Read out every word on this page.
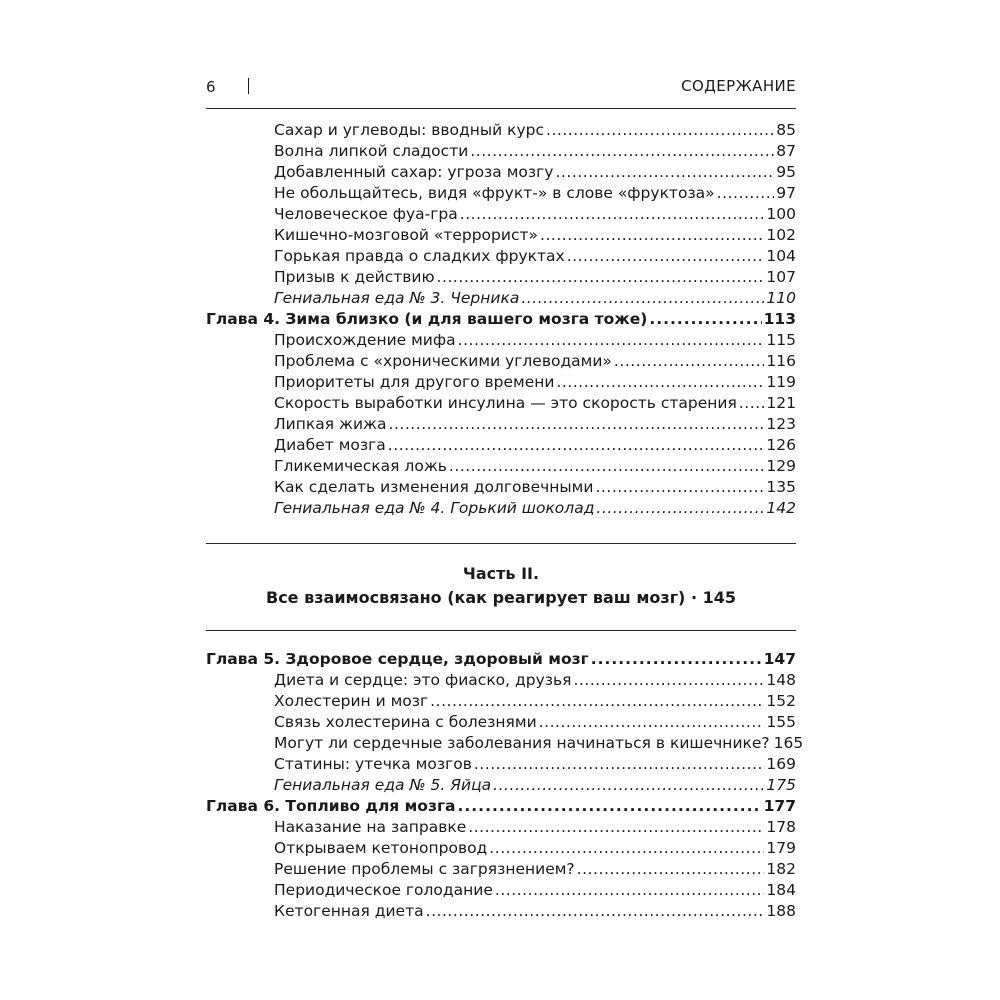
6	СОДЕРЖАНИЕ
Сахар и углеводы: вводный курс . . .	85
Волна липкой сладости . . .	87
Добавленный сахар: угроза мозгу . . .	95
Не обольщайтесь, видя «фрукт-» в слове «фруктоза» . . .	97
Человеческое фуа-гра . . .	100
Кишечно-мозговой «террорист» . . .	102
Горькая правда о сладких фруктах . . .	104
Призыв к действию . . .	107
Гениальная еда № 3. Черника . . .	110
Глава 4. Зима близко (и для вашего мозга тоже) . . .	113
Происхождение мифа . . .	115
Проблема с «хроническими углеводами» . . .	116
Приоритеты для другого времени . . .	119
Скорость выработки инсулина — это скорость старения . . . 121
Липкая жижа . . .	123
Диабет мозга . . .	126
Гликемическая ложь . . .	129
Как сделать изменения долговечными . . .	135
Гениальная еда № 4. Горький шоколад . . .	142
Часть II.
Все взаимосвязано (как реагирует ваш мозг) · 145
Глава 5. Здоровое сердце, здоровый мозг . . .	147
Диета и сердце: это фиаско, друзья . . .	148
Холестерин и мозг . . .	152
Связь холестерина с болезнями . . .	155
Могут ли сердечные заболевания начинаться в кишечнике? 165
Статины: утечка мозгов . . .	169
Гениальная еда № 5. Яйца . . .	175
Глава 6. Топливо для мозга . . .	177
Наказание на заправке . . .	178
Открываем кетонопровод . . .	179
Решение проблемы с загрязнением? . . .	182
Периодическое голодание . . .	184
Кетогенная диета . . .	188
